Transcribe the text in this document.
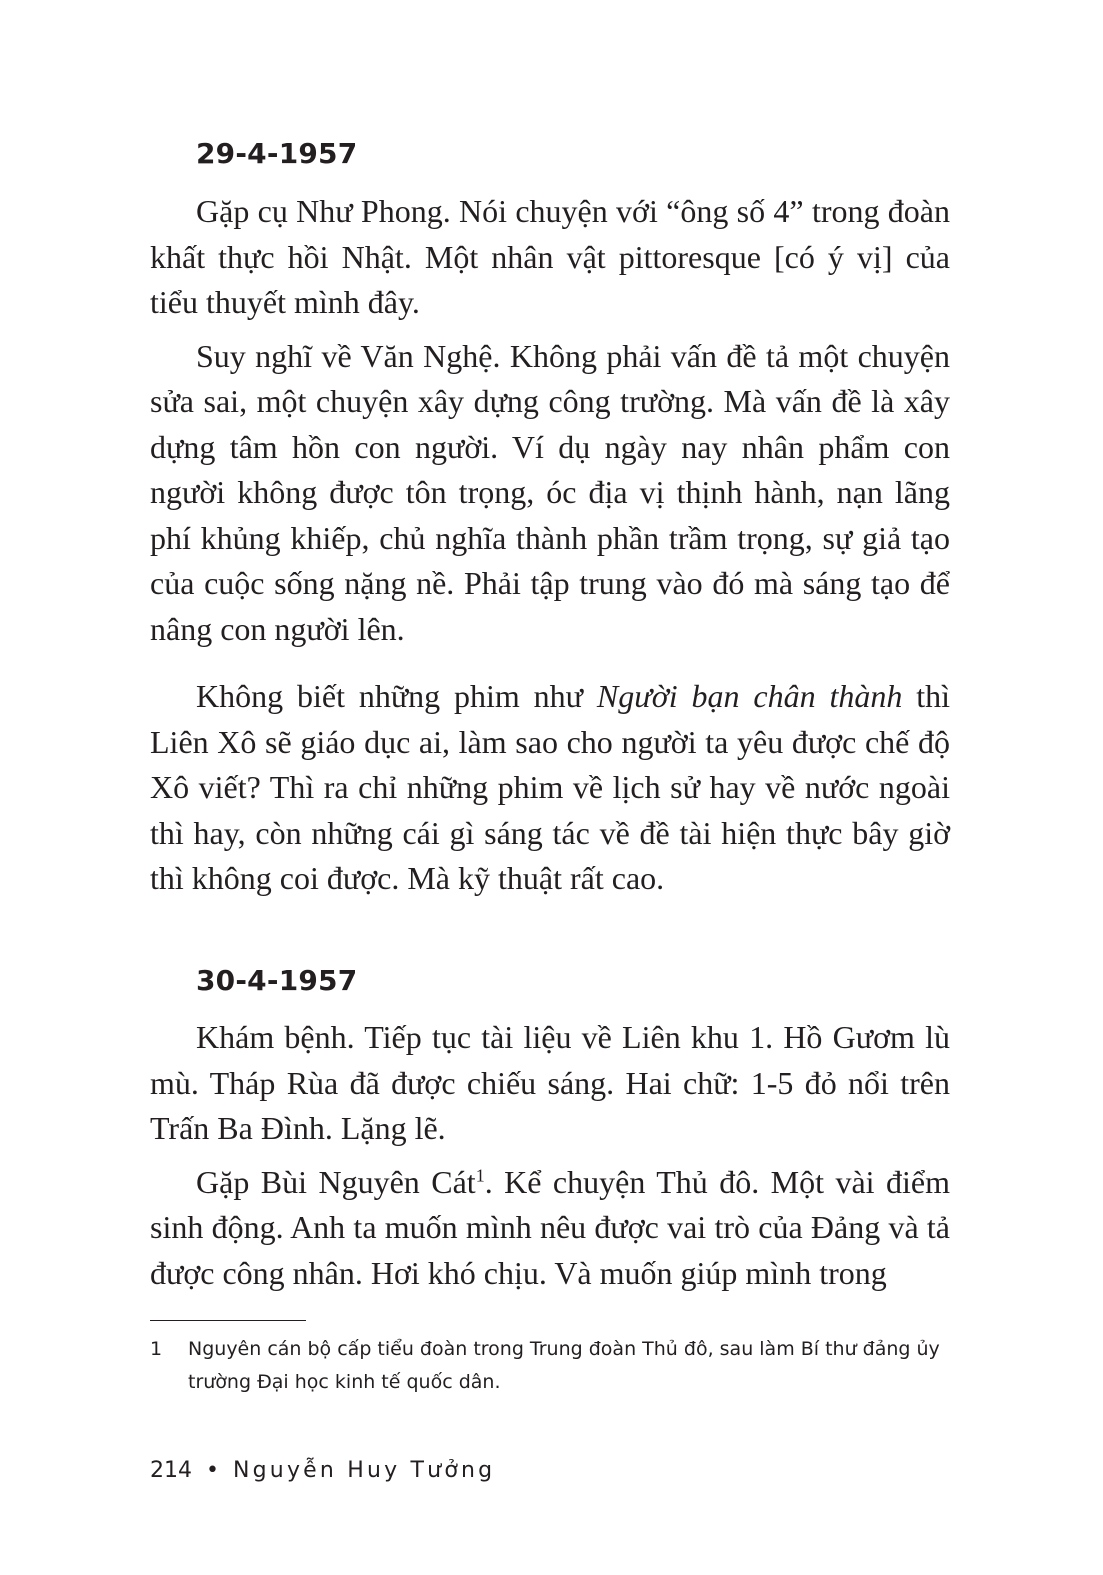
29-4-1957

Gặp cụ Như Phong. Nói chuyện với “ông số 4” trong đoàn khất thực hồi Nhật. Một nhân vật pittoresque [có ý vị] của tiểu thuyết mình đây.

Suy nghĩ về Văn Nghệ. Không phải vấn đề tả một chuyện sửa sai, một chuyện xây dựng công trường. Mà vấn đề là xây dựng tâm hồn con người. Ví dụ ngày nay nhân phẩm con người không được tôn trọng, óc địa vị thịnh hành, nạn lãng phí khủng khiếp, chủ nghĩa thành phần trầm trọng, sự giả tạo của cuộc sống nặng nề. Phải tập trung vào đó mà sáng tạo để nâng con người lên.

Không biết những phim như Người bạn chân thành thì Liên Xô sẽ giáo dục ai, làm sao cho người ta yêu được chế độ Xô viết? Thì ra chỉ những phim về lịch sử hay về nước ngoài thì hay, còn những cái gì sáng tác về đề tài hiện thực bây giờ thì không coi được. Mà kỹ thuật rất cao.

30-4-1957

Khám bệnh. Tiếp tục tài liệu về Liên khu 1. Hồ Gươm lù mù. Tháp Rùa đã được chiếu sáng. Hai chữ: 1-5 đỏ nổi trên Trấn Ba Đình. Lặng lẽ.

Gặp Bùi Nguyên Cát$^1$. Kể chuyện Thủ đô. Một vài điểm sinh động. Anh ta muốn mình nêu được vai trò của Đảng và tả được công nhân. Hơi khó chịu. Và muốn giúp mình trong

1 Nguyên cán bộ cấp tiểu đoàn trong Trung đoàn Thủ đô, sau làm Bí thư đảng ủy trường Đại học kinh tế quốc dân.

214 • Nguyễn Huy Tưởng
